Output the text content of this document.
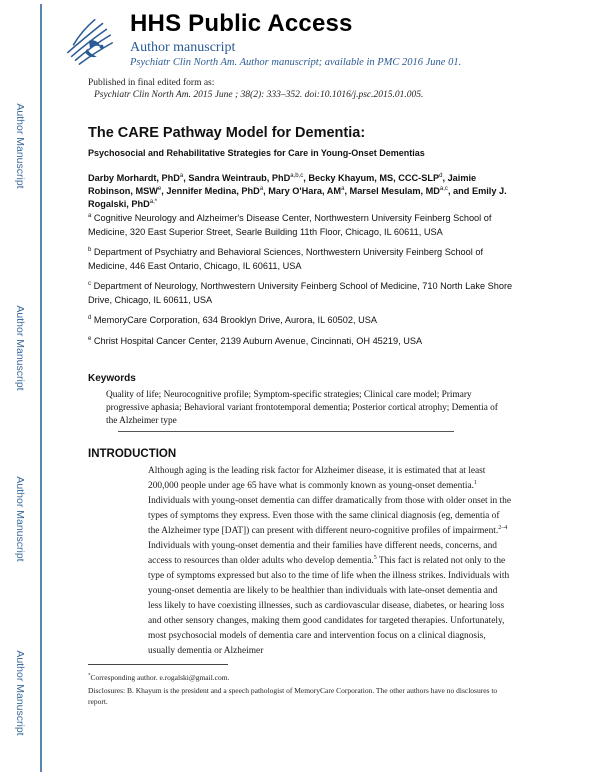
Author Manuscript
Author Manuscript
Author Manuscript
Author Manuscript
HHS Public Access
Author manuscript
Psychiatr Clin North Am. Author manuscript; available in PMC 2016 June 01.
Published in final edited form as:
Psychiatr Clin North Am. 2015 June ; 38(2): 333–352. doi:10.1016/j.psc.2015.01.005.
The CARE Pathway Model for Dementia:
Psychosocial and Rehabilitative Strategies for Care in Young-Onset Dementias
Darby Morhardt, PhD$^a$, Sandra Weintraub, PhD$^{a,b,c}$, Becky Khayum, MS, CCC-SLP$^d$, Jaimie Robinson, MSW$^e$, Jennifer Medina, PhD$^a$, Mary O'Hara, $AM^a$, Marsel Mesulam, MD$^{a,c}$, and Emily J. Rogalski, PhD$^{a,*}$
$^a$ Cognitive Neurology and Alzheimer's Disease Center, Northwestern University Feinberg School of Medicine, 320 East Superior Street, Searle Building 11th Floor, Chicago, IL 60611, USA
$^b$ Department of Psychiatry and Behavioral Sciences, Northwestern University Feinberg School of Medicine, 446 East Ontario, Chicago, IL 60611, USA
$^c$ Department of Neurology, Northwestern University Feinberg School of Medicine, 710 North Lake Shore Drive, Chicago, IL 60611, USA
$^d$ MemoryCare Corporation, 634 Brooklyn Drive, Aurora, IL 60502, USA
$^e$ Christ Hospital Cancer Center, 2139 Auburn Avenue, Cincinnati, OH 45219, USA
Keywords
Quality of life; Neurocognitive profile; Symptom-specific strategies; Clinical care model; Primary progressive aphasia; Behavioral variant frontotemporal dementia; Posterior cortical atrophy; Dementia of the Alzheimer type
INTRODUCTION
Although aging is the leading risk factor for Alzheimer disease, it is estimated that at least 200,000 people under age 65 have what is commonly known as young-onset dementia.$^1$ Individuals with young-onset dementia can differ dramatically from those with older onset in the types of symptoms they express. Even those with the same clinical diagnosis (eg, dementia of the Alzheimer type [DAT]) can present with different neuro-cognitive profiles of impairment.$^{2-4}$ Individuals with young-onset dementia and their families have different needs, concerns, and access to resources than older adults who develop dementia.$^5$ This fact is related not only to the type of symptoms expressed but also to the time of life when the illness strikes. Individuals with young-onset dementia are likely to be healthier than individuals with late-onset dementia and less likely to have coexisting illnesses, such as cardiovascular disease, diabetes, or hearing loss and other sensory changes, making them good candidates for targeted therapies. Unfortunately, most psychosocial models of dementia care and intervention focus on a clinical diagnosis, usually dementia or Alzheimer
*Corresponding author. e.rogalski@gmail.com.
Disclosures: B. Khayum is the president and a speech pathologist of MemoryCare Corporation. The other authors have no disclosures to report.
